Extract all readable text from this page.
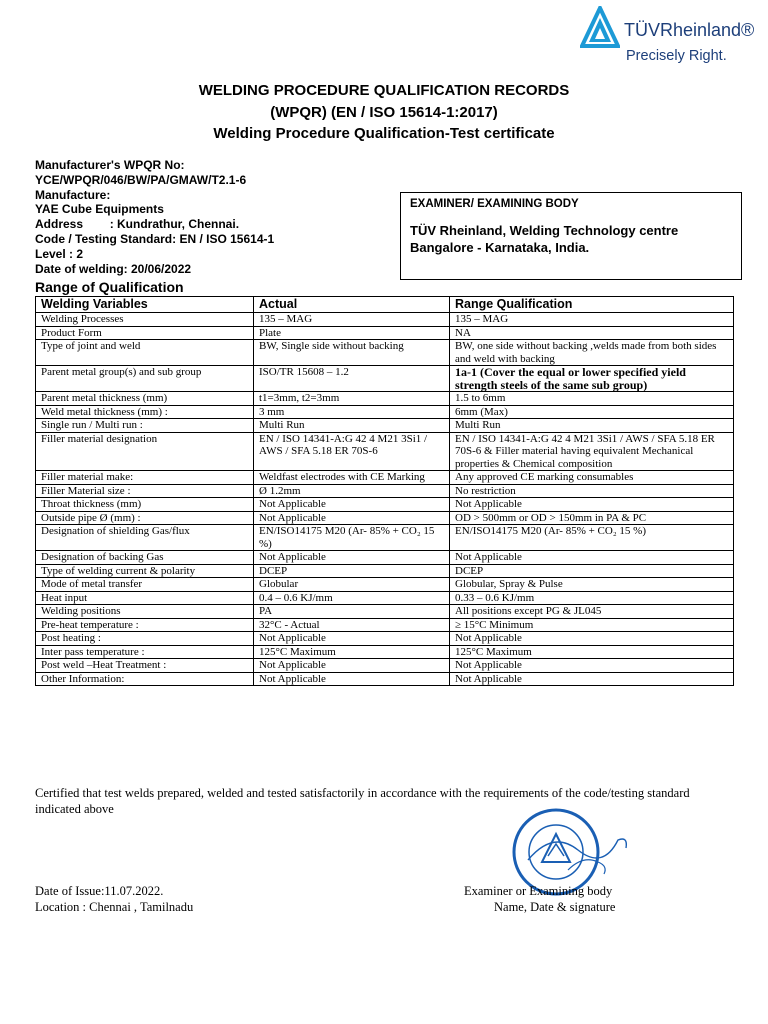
TÜVRheinland®
Precisely Right.
WELDING PROCEDURE QUALIFICATION RECORDS
(WPQR) (EN / ISO 15614-1:2017)
Welding Procedure Qualification-Test certificate
Manufacturer's WPQR No:
YCE/WPQR/046/BW/PA/GMAW/T2.1-6
Manufacture:
YAE Cube Equipments
Address        : Kundrathur, Chennai.
Code / Testing Standard: EN / ISO 15614-1
Level : 2
Date of welding: 20/06/2022
Range of Qualification
EXAMINER/ EXAMINING BODY
TÜV Rheinland, Welding Technology centre
Bangalore - Karnataka, India.
Welding Variables	Actual	Range Qualification
Welding Processes	135 – MAG	135 – MAG
Product Form	Plate	NA
Type of joint and weld	BW, Single side without backing	BW, one side without backing ,welds made from both sides and weld with backing
Parent metal group(s) and sub group	ISO/TR 15608 – 1.2	1a-1 (Cover the equal or lower specified yield strength steels of the same sub group)
Parent metal thickness (mm)	t1=3mm, t2=3mm	1.5 to 6mm
Weld metal thickness (mm) :	3 mm	6mm (Max)
Single run / Multi run :	Multi Run	Multi Run
Filler material designation	EN / ISO 14341-A:G 42 4 M21 3Si1 / AWS / SFA 5.18 ER 70S-6	EN / ISO 14341-A:G 42 4 M21 3Si1 / AWS / SFA 5.18 ER 70S-6 & Filler material having equivalent Mechanical properties & Chemical composition
Filler material make:	Weldfast electrodes with CE Marking	Any approved CE marking consumables
Filler Material size :	Ø 1.2mm	No restriction
Throat thickness (mm)	Not Applicable	Not Applicable
Outside pipe Ø (mm) :	Not Applicable	OD > 500mm or OD > 150mm in PA & PC
Designation of shielding Gas/flux	EN/ISO14175 M20 (Ar- 85% + CO₂ 15 %)	EN/ISO14175 M20 (Ar- 85% + CO₂ 15 %)
Designation of backing Gas	Not Applicable	Not Applicable
Type of welding current & polarity	DCEP	DCEP
Mode of metal transfer	Globular	Globular, Spray & Pulse
Heat input	0.4 – 0.6 KJ/mm	0.33 – 0.6 KJ/mm
Welding positions	PA	All positions except PG & JL045
Pre-heat temperature :	32°C - Actual	≥ 15°C Minimum
Post heating :	Not Applicable	Not Applicable
Inter pass temperature :	125°C Maximum	125°C Maximum
Post weld –Heat Treatment :	Not Applicable	Not Applicable
Other Information:	Not Applicable	Not Applicable
Certified that test welds prepared, welded and tested satisfactorily in accordance with the requirements of the code/testing standard indicated above
Date of Issue:11.07.2022.
Location : Chennai , Tamilnadu
Examiner or Examining body
Name, Date & signature
